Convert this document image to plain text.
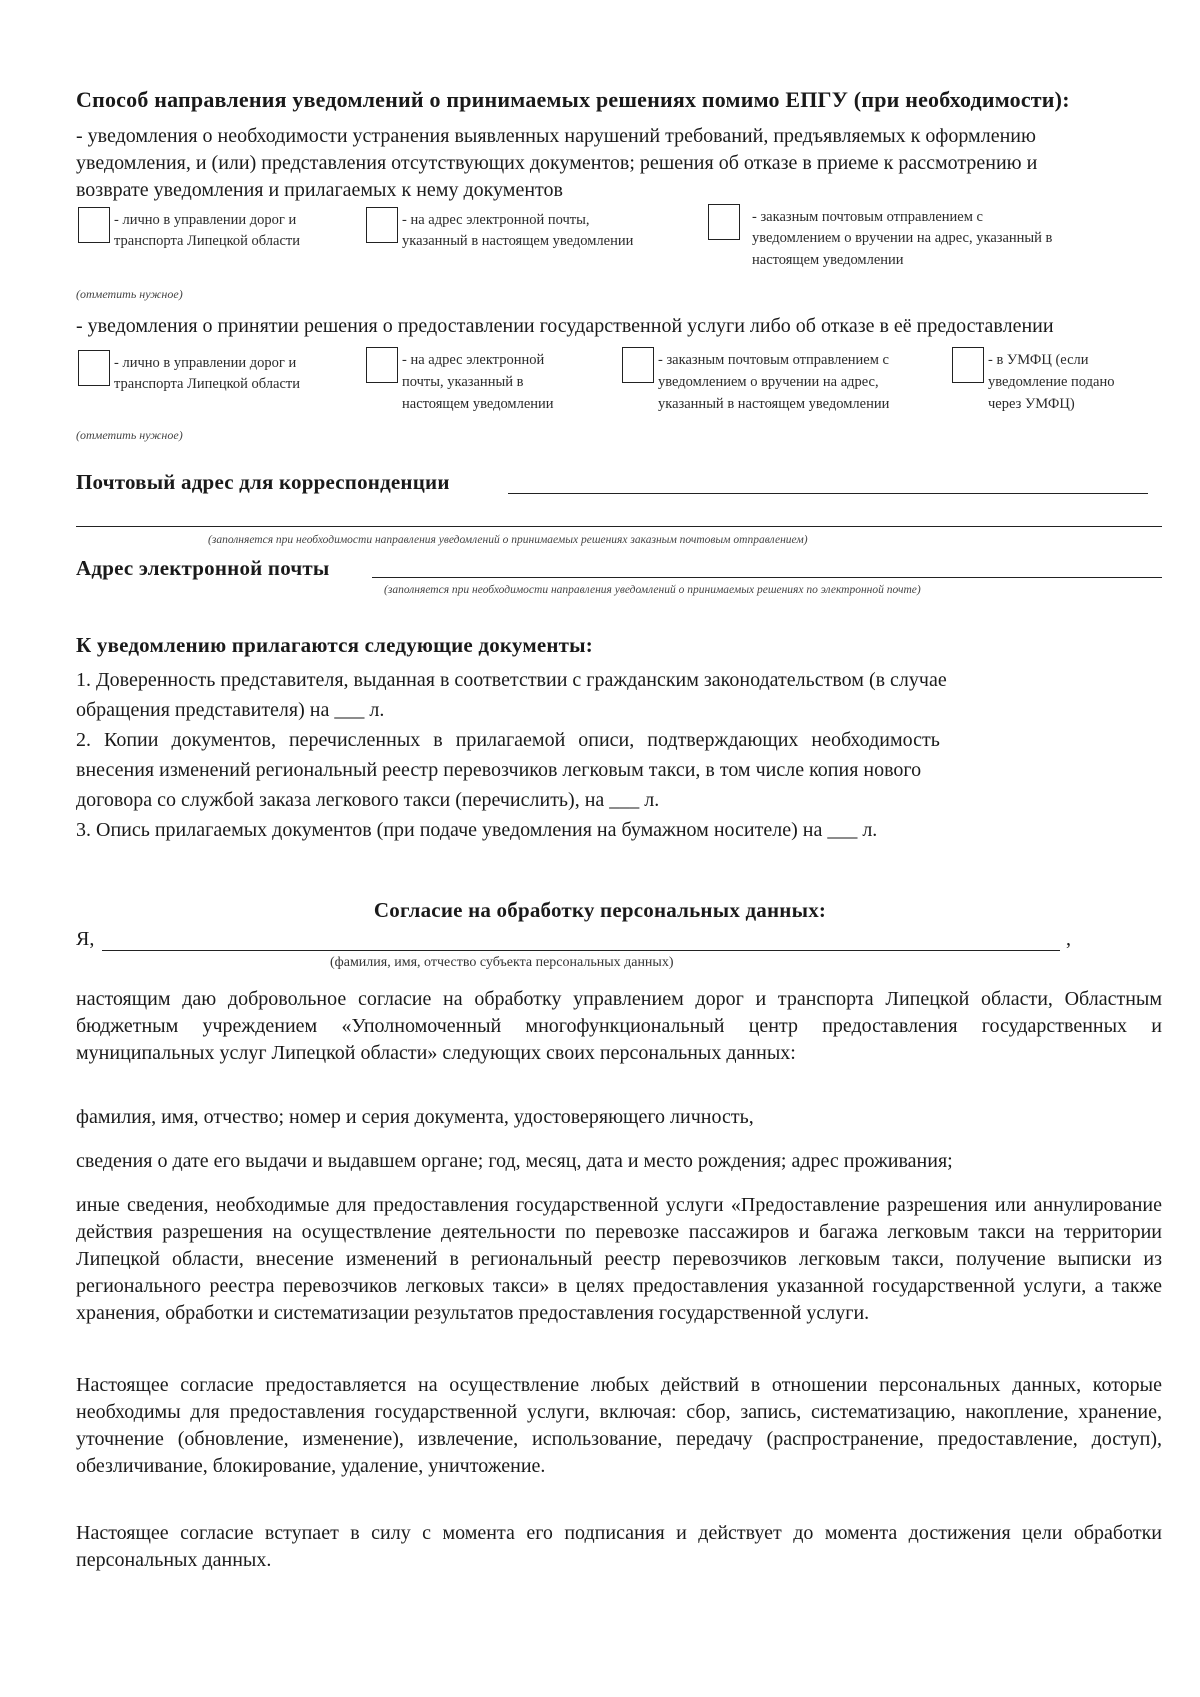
Способ направления уведомлений о принимаемых решениях помимо ЕПГУ (при необходимости):
- уведомления о необходимости устранения выявленных нарушений требований, предъявляемых к оформлению
уведомления, и (или) представления отсутствующих документов; решения об отказе в приеме к рассмотрению и
возврате уведомления и прилагаемых к нему документов
- лично в управлении дорог и
транспорта Липецкой области
- на адрес электронной почты,
указанный в настоящем уведомлении
- заказным почтовым отправлением с
уведомлением о вручении на адрес, указанный в
настоящем уведомлении
(отметить нужное)
- уведомления о принятии решения о предоставлении государственной услуги либо об отказе в её предоставлении
- лично в управлении дорог и
транспорта Липецкой области
- на адрес электронной
почты, указанный в
настоящем уведомлении
- заказным почтовым отправлением с
уведомлением о вручении на адрес,
указанный в настоящем уведомлении
- в УМФЦ (если
уведомление подано
через УМФЦ)
(отметить нужное)
Почтовый адрес для корреспонденции
(заполняется при необходимости направления уведомлений о принимаемых решениях заказным почтовым отправлением)
Адрес электронной почты
(заполняется при необходимости направления уведомлений о принимаемых решениях по электронной почте)
К уведомлению прилагаются следующие документы:
1. Доверенность представителя, выданная в соответствии с гражданским законодательством (в случае
обращения представителя) на ___ л.
2. Копии документов, перечисленных в прилагаемой описи, подтверждающих необходимость
внесения изменений региональный реестр перевозчиков легковым такси, в том числе копия нового
договора со службой заказа легкового такси (перечислить), на ___ л.
3. Опись прилагаемых документов (при подаче уведомления на бумажном носителе) на ___ л.
Согласие на обработку персональных данных:
Я,	,
(фамилия, имя, отчество субъекта персональных данных)
настоящим даю добровольное согласие на обработку управлением дорог и транспорта Липецкой области, Областным бюджетным учреждением «Уполномоченный многофункциональный центр предоставления государственных и муниципальных услуг Липецкой области» следующих своих персональных данных:
фамилия, имя, отчество; номер и серия документа, удостоверяющего личность,
сведения о дате его выдачи и выдавшем органе; год, месяц, дата и место рождения; адрес проживания;
иные сведения, необходимые для предоставления государственной услуги «Предоставление разрешения или аннулирование действия разрешения на осуществление деятельности по перевозке пассажиров и багажа легковым такси на территории Липецкой области, внесение изменений в региональный реестр перевозчиков легковым такси, получение выписки из регионального реестра перевозчиков легковых такси» в целях предоставления указанной государственной услуги, а также хранения, обработки и систематизации результатов предоставления государственной услуги.
Настоящее согласие предоставляется на осуществление любых действий в отношении персональных данных, которые необходимы для предоставления государственной услуги, включая: сбор, запись, систематизацию, накопление, хранение, уточнение (обновление, изменение), извлечение, использование, передачу (распространение, предоставление, доступ), обезличивание, блокирование, удаление, уничтожение.
Настоящее согласие вступает в силу с момента его подписания и действует до момента достижения цели обработки персональных данных.
